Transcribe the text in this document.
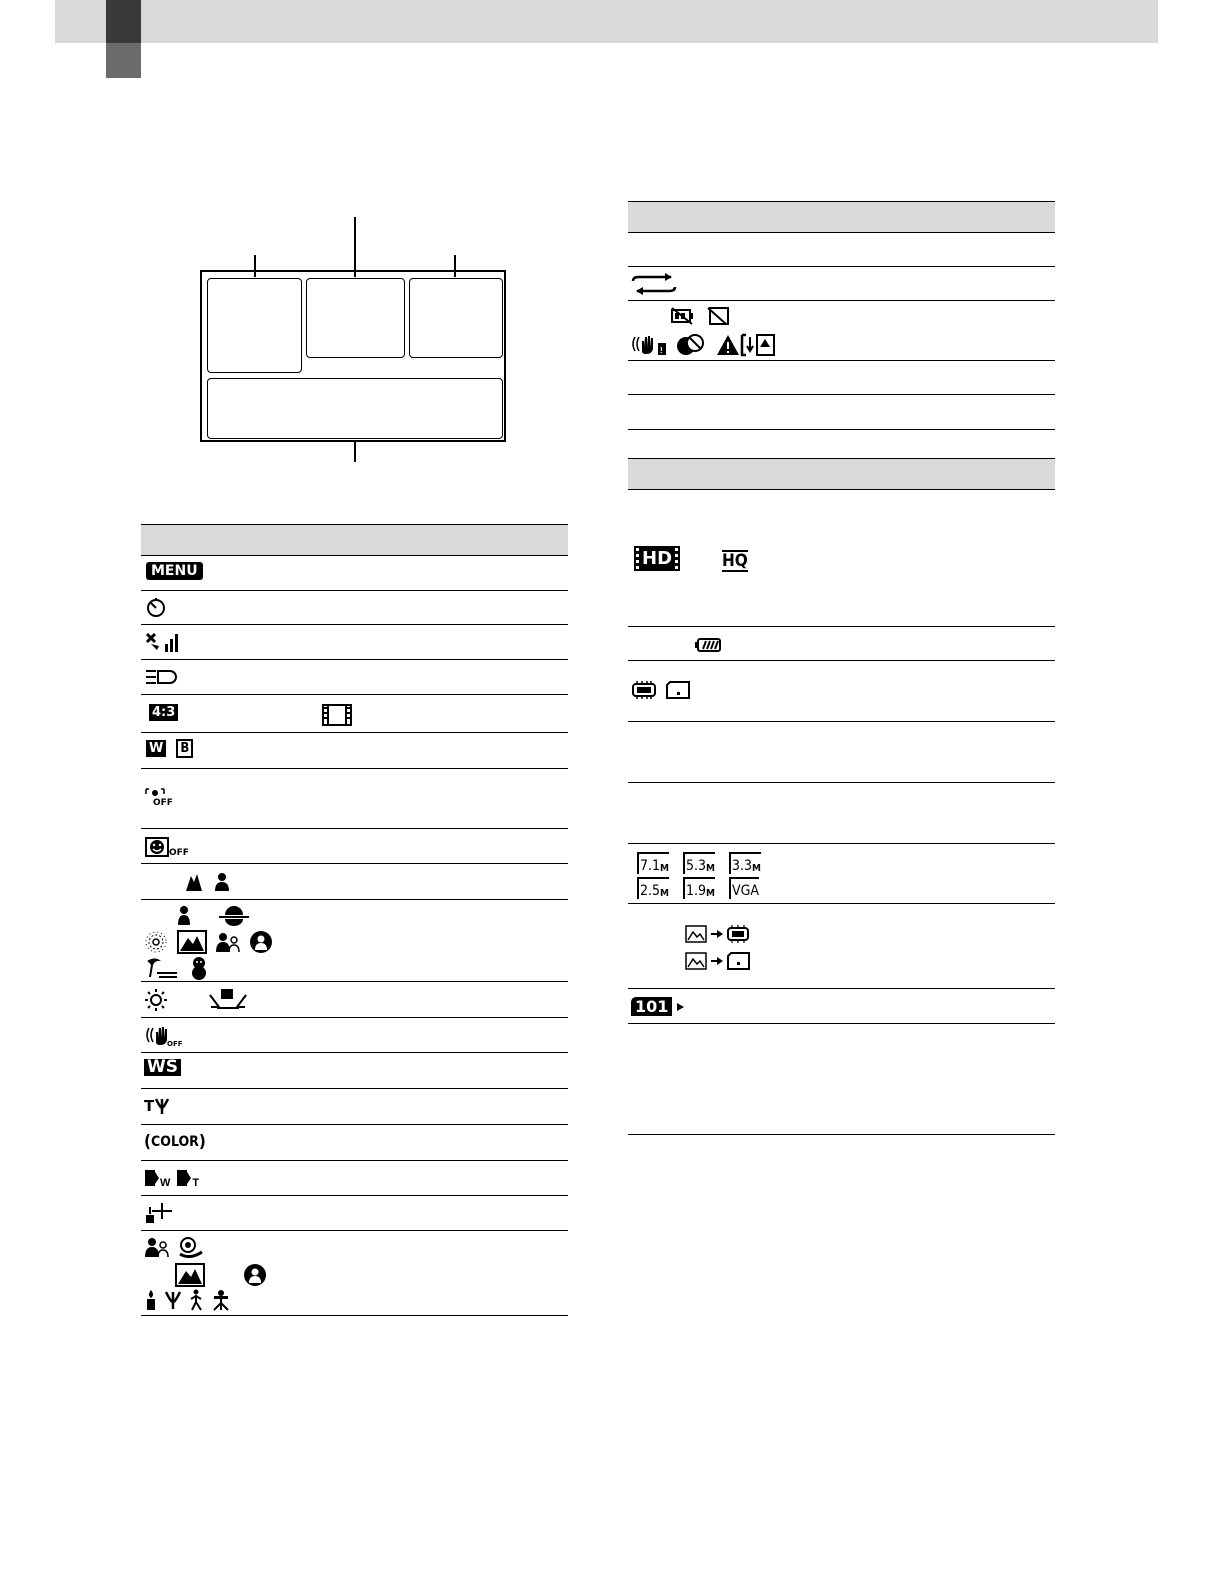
MENU
4:3
W	B
OFF
OFF
OFF
WS
T
( COLOR )
W T
!
HD	HQ
7.1 M 5.3 M 3.3 M
2.5 M 1.9 M VGA
101
